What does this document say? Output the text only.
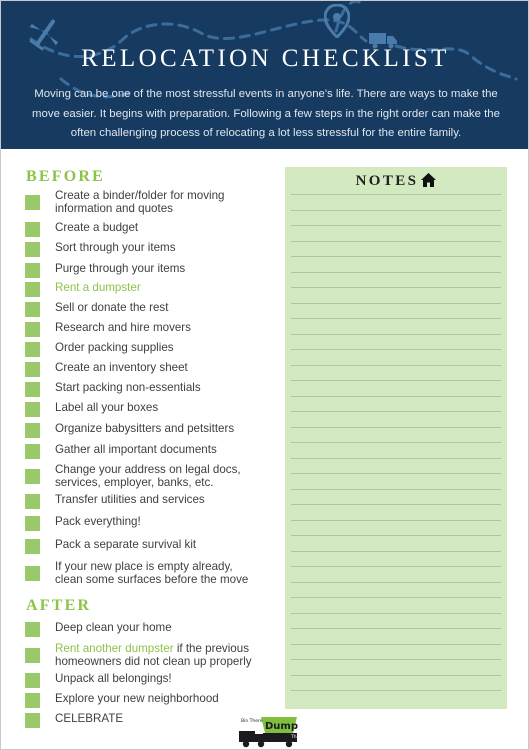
RELOCATION CHECKLIST
Moving can be one of the most stressful events in anyone's life. There are ways to make the move easier. It begins with preparation. Following a few steps in the right order can make the often challenging process of relocating a lot less stressful for the entire family.
BEFORE
Create a binder/folder for moving
information and quotes
Create a budget
Sort through your items
Purge through your items
Rent a dumpster
Sell or donate the rest
Research and hire movers
Order packing supplies
Create an inventory sheet
Start packing non-essentials
Label all your boxes
Organize babysitters and petsitters
Gather all important documents
Change your address on legal docs,
services, employer, banks, etc.
Transfer utilities and services
Pack everything!
Pack a separate survival kit
If your new place is empty already,
clean some surfaces before the move
AFTER
Deep clean your home
Rent another dumpster if the previous
homeowners did not clean up properly
Unpack all belongings!
Explore your new neighborhood
CELEBRATE
NOTES
Bin There Dump
That
